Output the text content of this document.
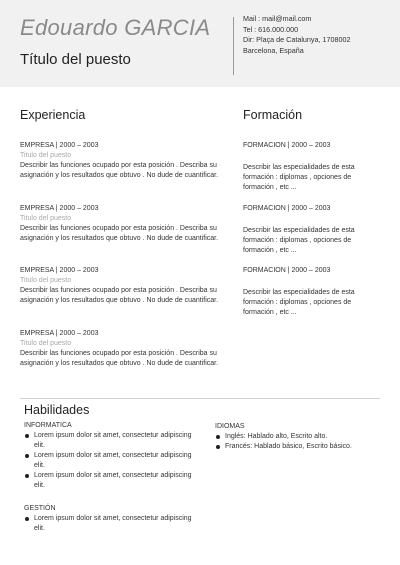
Edouardo GARCIA
Título del puesto
Mail : mail@mail.com
Tel : 616.000.000
Dir: Plaça de Catalunya, 1708002
Barcelona, España
Experiencia
EMPRESA | 2000 – 2003
Titulo del puesto
Describir las funciones ocupado por esta posición . Describa su asignación y los resultados que obtuvo . No dude de cuantificar.
EMPRESA | 2000 – 2003
Titulo del puesto
Describir las funciones ocupado por esta posición . Describa su asignación y los resultados que obtuvo . No dude de cuantificar.
EMPRESA | 2000 – 2003
Titulo del puesto
Describir las funciones ocupado por esta posición . Describa su asignación y los resultados que obtuvo . No dude de cuantificar.
EMPRESA | 2000 – 2003
Titulo del puesto
Describir las funciones ocupado por esta posición . Describa su asignación y los resultados que obtuvo . No dude de cuantificar.
Formación
FORMACION | 2000 – 2003
Describir las especialidades de esta formación : diplomas , opciones de formación , etc ...
FORMACION | 2000 – 2003
Describir las especialidades de esta formación : diplomas , opciones de formación , etc ...
FORMACION | 2000 – 2003
Describir las especialidades de esta formación : diplomas , opciones de formación , etc ...
Habilidades
INFORMATICA
Lorem ipsum dolor sit amet, consectetur adipiscing elit.
Lorem ipsum dolor sit amet, consectetur adipiscing elit.
Lorem ipsum dolor sit amet, consectetur adipiscing elit.
GESTIÓN
Lorem ipsum dolor sit amet, consectetur adipiscing elit.
IDIOMAS
Inglés: Hablado alto, Escrito alto.
Francés: Hablado básico, Escrito básico.
